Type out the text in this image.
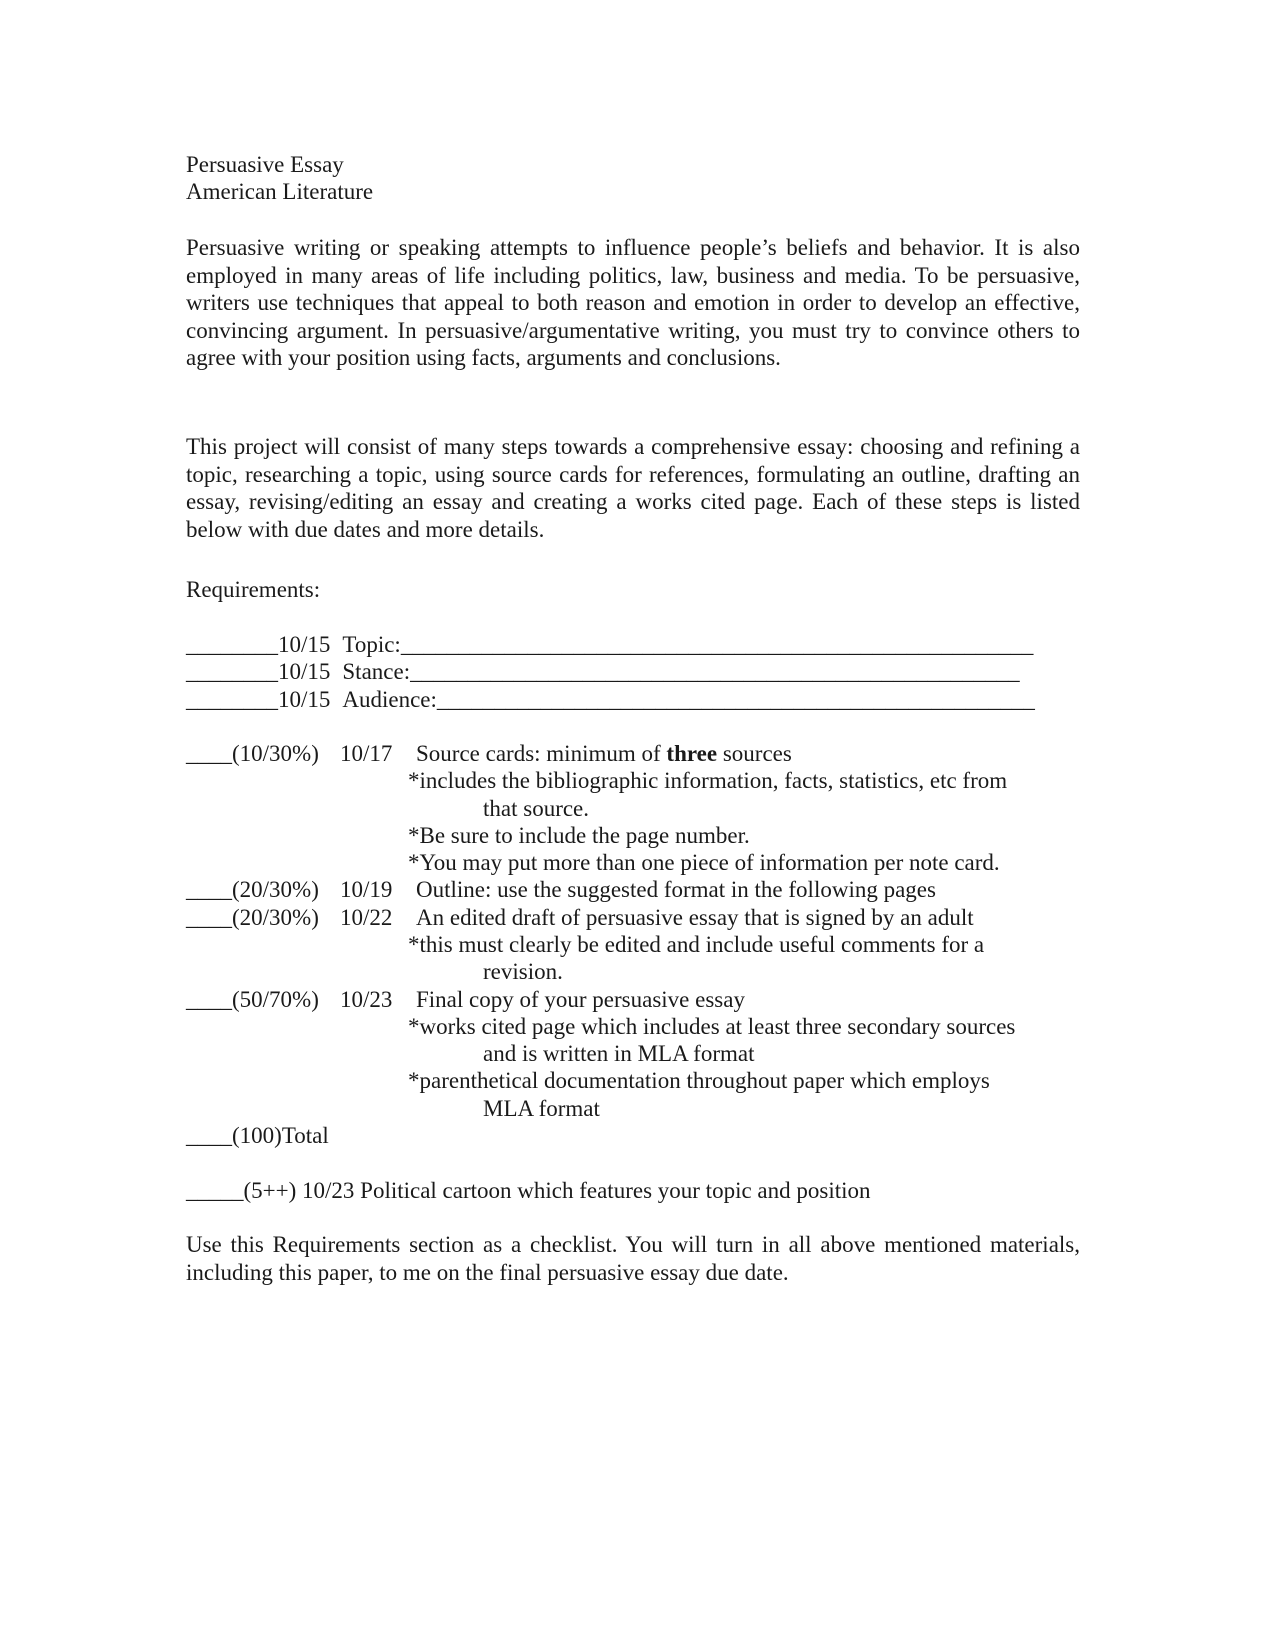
Persuasive Essay
American Literature
Persuasive writing or speaking attempts to influence people’s beliefs and behavior. It is also employed in many areas of life including politics, law, business and media. To be persuasive, writers use techniques that appeal to both reason and emotion in order to develop an effective, convincing argument. In persuasive/argumentative writing, you must try to convince others to agree with your position using facts, arguments and conclusions.
This project will consist of many steps towards a comprehensive essay: choosing and refining a topic, researching a topic, using source cards for references, formulating an outline, drafting an essay, revising/editing an essay and creating a works cited page. Each of these steps is listed below with due dates and more details.
Requirements:
________10/15 Topic:_______________________________________________________
________10/15 Stance:_____________________________________________________
________10/15 Audience:____________________________________________________
____(10/30%) 10/17 Source cards: minimum of three sources
*includes the bibliographic information, facts, statistics, etc from
that source.
*Be sure to include the page number.
*You may put more than one piece of information per note card.
____(20/30%) 10/19 Outline: use the suggested format in the following pages
____(20/30%) 10/22 An edited draft of persuasive essay that is signed by an adult
*this must clearly be edited and include useful comments for a
revision.
____(50/70%) 10/23 Final copy of your persuasive essay
*works cited page which includes at least three secondary sources
and is written in MLA format
*parenthetical documentation throughout paper which employs
MLA format
____(100)Total
_____(5++) 10/23 Political cartoon which features your topic and position
Use this Requirements section as a checklist. You will turn in all above mentioned materials, including this paper, to me on the final persuasive essay due date.
